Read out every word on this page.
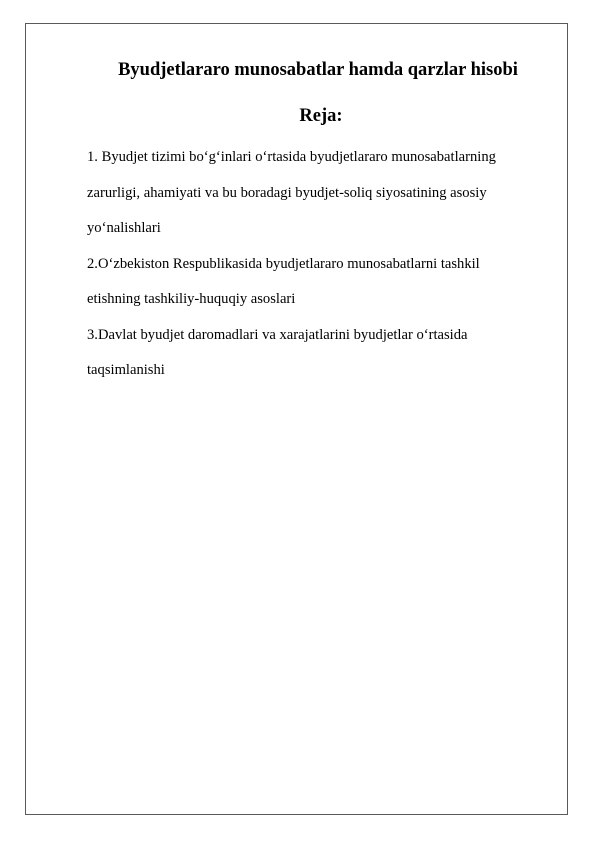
Byudjetlararo munosabatlar hamda qarzlar hisobi
Reja:
1. Byudjet tizimi bo‘g‘inlari o‘rtasida byudjetlararo munosabatlarning
zarurligi, ahamiyati va bu boradagi byudjet-soliq siyosatining asosiy
yo‘nalishlari
2.O‘zbekiston Respublikasida byudjetlararo munosabatlarni tashkil
etishning tashkiliy-huquqiy asoslari
3.Davlat byudjet daromadlari va xarajatlarini byudjetlar o‘rtasida
taqsimlanishi
